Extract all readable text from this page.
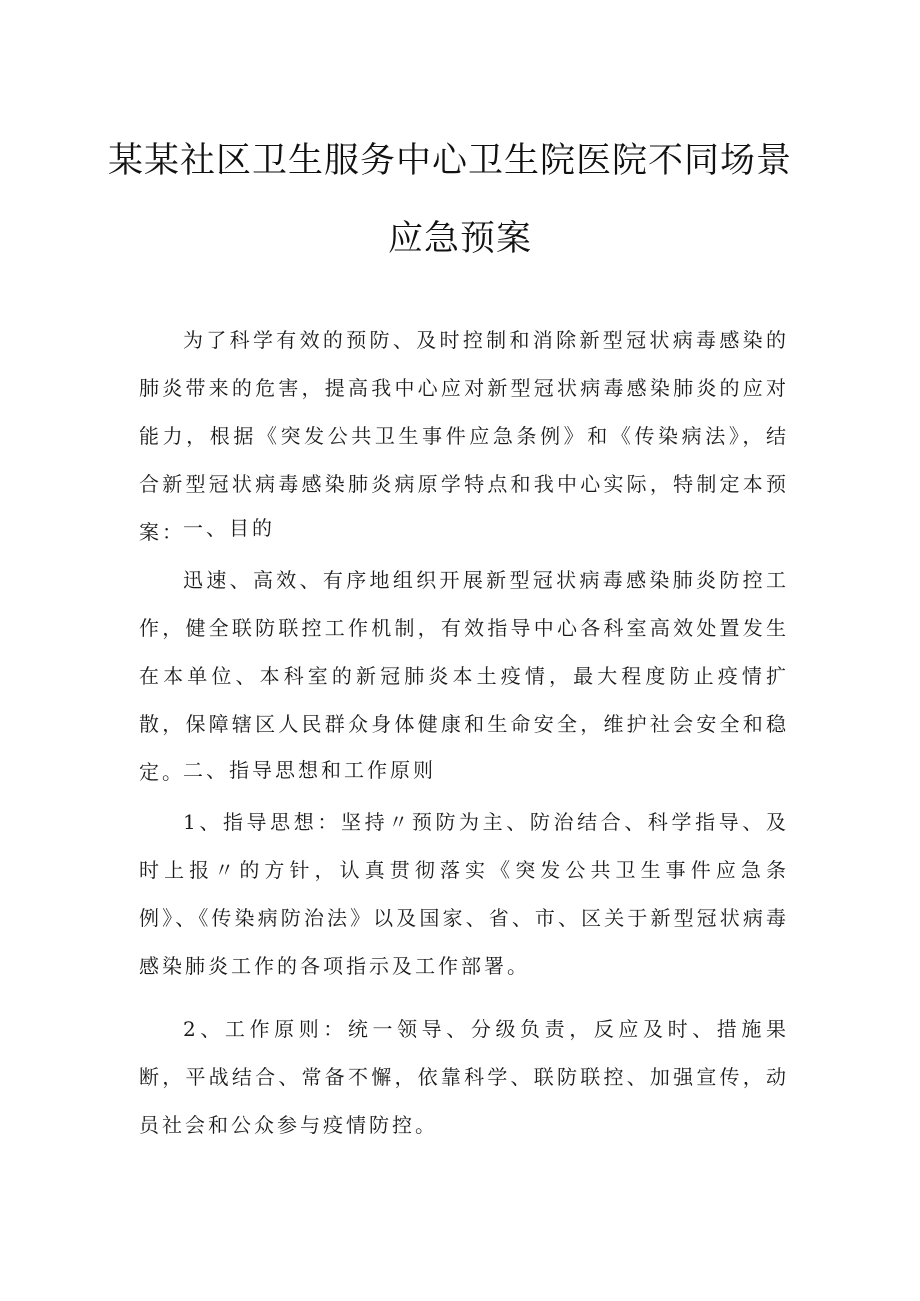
某某社区卫生服务中心卫生院医院不同场景
应急预案

为了科学有效的预防、及时控制和消除新型冠状病毒感染的肺炎带来的危害，提高我中心应对新型冠状病毒感染肺炎的应对能力，根据《突发公共卫生事件应急条例》和《传染病法》，结合新型冠状病毒感染肺炎病原学特点和我中心实际，特制定本预案：

一、目的

迅速、高效、有序地组织开展新型冠状病毒感染肺炎防控工作，健全联防联控工作机制，有效指导中心各科室高效处置发生在本单位、本科室的新冠肺炎本土疫情，最大程度防止疫情扩散，保障辖区人民群众身体健康和生命安全，维护社会安全和稳定。

二、指导思想和工作原则

1、指导思想：坚持〃预防为主、防治结合、科学指导、及时上报〃的方针，认真贯彻落实《突发公共卫生事件应急条例》、《传染病防治法》以及国家、省、市、区关于新型冠状病毒感染肺炎工作的各项指示及工作部署。

2、工作原则：统一领导、分级负责，反应及时、措施果断，平战结合、常备不懈，依靠科学、联防联控、加强宣传，动员社会和公众参与疫情防控。
